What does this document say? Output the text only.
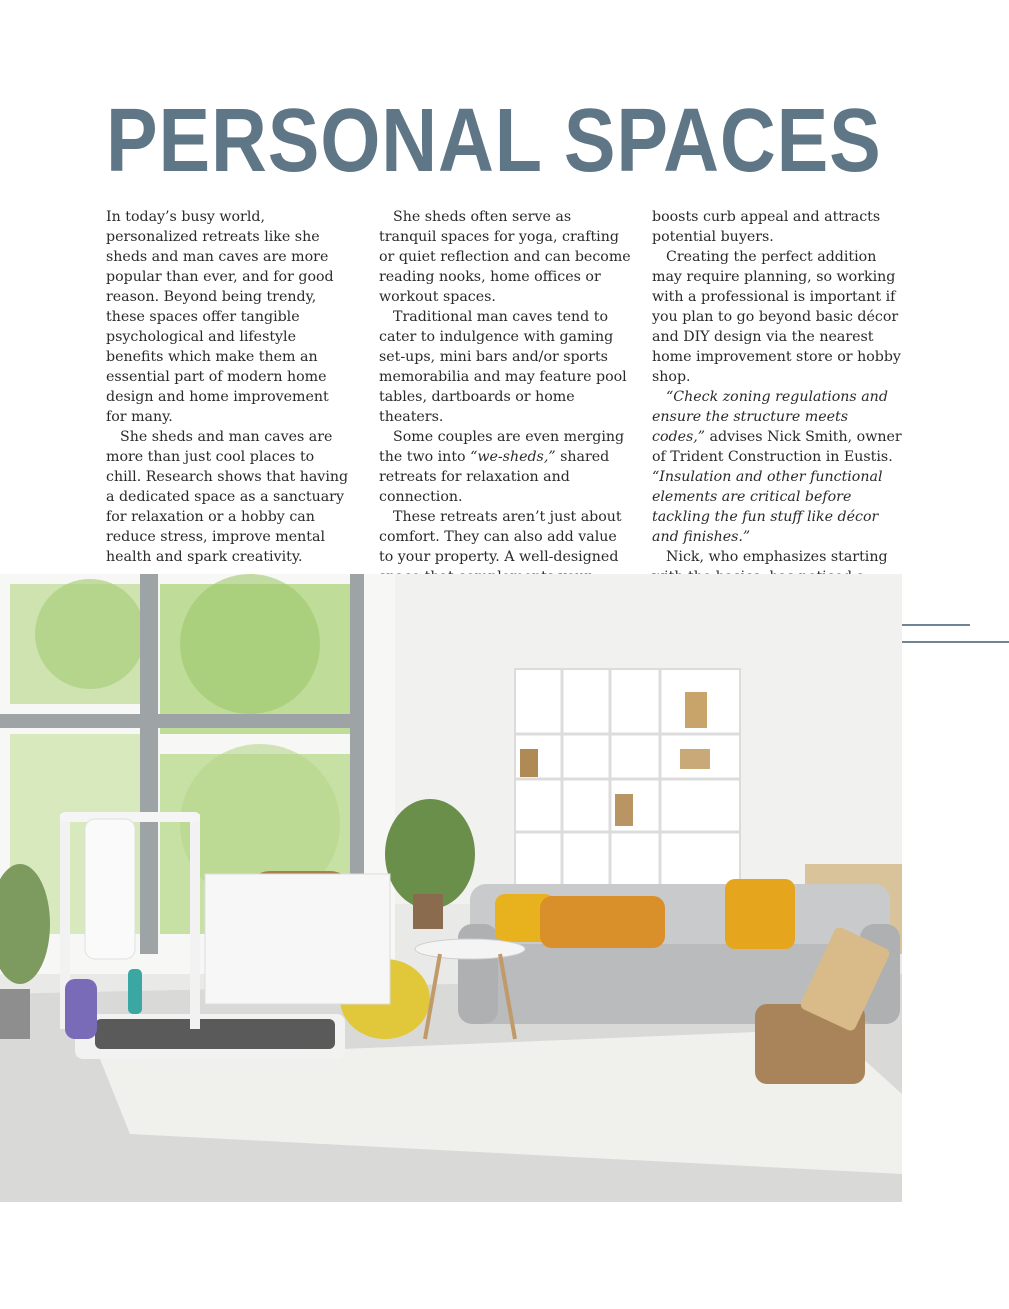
PERSONAL SPACES

In today’s busy world, personalized retreats like she sheds and man caves are more popular than ever, and for good reason. Beyond being trendy, these spaces offer tangible psychological and lifestyle benefits which make them an essential part of modern home design and home improvement for many.

She sheds and man caves are more than just cool places to chill. Research shows that having a dedicated space as a sanctuary for relaxation or a hobby can reduce stress, improve mental health and spark creativity.

She sheds often serve as tranquil spaces for yoga, crafting or quiet reflection and can become reading nooks, home offices or workout spaces.

Traditional man caves tend to cater to indulgence with gaming set-ups, mini bars and/or sports memorabilia and may feature pool tables, dartboards or home theaters.

Some couples are even merging the two into “we-sheds,” shared retreats for relaxation and connection.

These retreats aren’t just about comfort. They can also add value to your property. A well-designed

boosts curb appeal and attracts potential buyers.

Creating the perfect addition may require planning, so working with a professional is important if you plan to go beyond basic décor and DIY design via the nearest home improvement store or hobby shop.

“Check zoning regulations and ensure the structure meets codes,” advises Nick Smith, owner of Trident Construction in Eustis. “Insulation and other functional elements are critical before tackling the fun stuff like décor and finishes.”

Nick, who emphasizes starting
